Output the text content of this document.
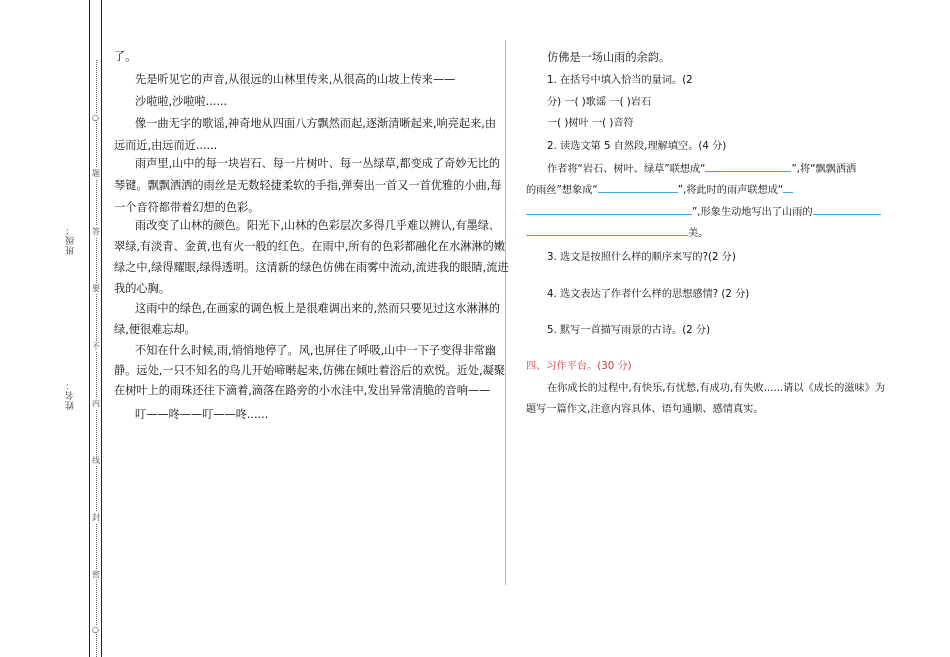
班级：
姓名：
○
题
答
要
不
内
线
封
密
○
了。
先是听见它的声音,从很远的山林里传来,从很高的山坡上传来——
沙啦啦,沙啦啦......
像一曲无字的歌谣,神奇地从四面八方飘然而起,逐渐清晰起来,响亮起来,由
远而近,由远而近......
雨声里,山中的每一块岩石、每一片树叶、每一丛绿草,都变成了奇妙无比的
琴键。飘飘洒洒的雨丝是无数轻捷柔软的手指,弹奏出一首又一首优雅的小曲,每
一个音符都带着幻想的色彩。
雨改变了山林的颜色。阳光下,山林的色彩层次多得几乎难以辨认,有墨绿、
翠绿,有淡青、金黄,也有火一般的红色。在雨中,所有的色彩都融化在水淋淋的嫩
绿之中,绿得耀眼,绿得透明。这清新的绿色仿佛在雨雾中流动,流进我的眼睛,流进
我的心胸。
这雨中的绿色,在画家的调色板上是很难调出来的,然而只要见过这水淋淋的
绿,便很难忘却。
不知在什么时候,雨,悄悄地停了。风,也屏住了呼吸,山中一下子变得非常幽
静。远处,一只不知名的鸟儿开始啼啭起来,仿佛在倾吐着浴后的欢悦。近处,凝聚
在树叶上的雨珠还往下滴着,滴落在路旁的小水洼中,发出异常清脆的音响——
叮——咚——叮——咚......
仿佛是一场山雨的余韵。
1. 在括号中填入恰当的量词。(2
分) 一( )歌谣 一( )岩石
一( )树叶 一( )音符
2. 读选文第 5 自然段,理解填空。(4 分)
作者将“岩石、树叶、绿草”联想成“	”,将“飘飘洒洒
的雨丝”想象成“	”,将此时的雨声联想成“
”,形象生动地写出了山雨的
美。
3. 选文是按照什么样的顺序来写的?(2 分)
4. 选文表达了作者什么样的思想感情? (2 分)
5. 默写一首描写雨景的古诗。(2 分)
四、习作平台。(30 分)
在你成长的过程中,有快乐,有忧愁,有成功,有失败......请以《成长的滋味》为
题写一篇作文,注意内容具体、语句通顺、感情真实。
